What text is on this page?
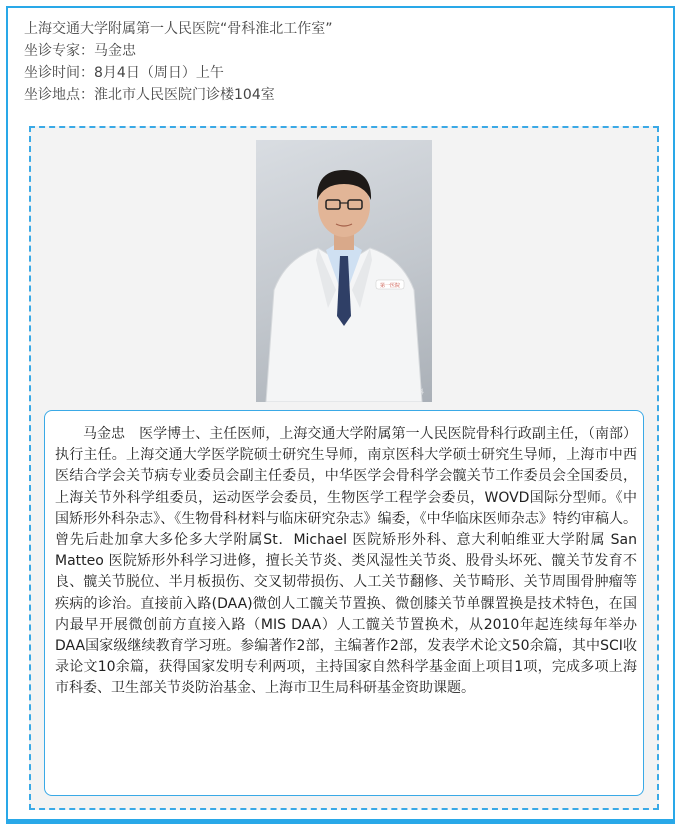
上海交通大学附属第一人民医院“骨科淮北工作室”
坐诊专家：马金忠
坐诊时间：8月4日（周日）上午
坐诊地点：淮北市人民医院门诊楼104室
第一医院
上海市第一人民医院骨科

马金忠　医学博士、主任医师，上海交通大学附属第一人民医院骨科行政副主任，（南部）执行主任。上海交通大学医学院硕士研究生导师，南京医科大学硕士研究生导师，上海市中西医结合学会关节病专业委员会副主任委员，中华医学会骨科学会髋关节工作委员会全国委员，上海关节外科学组委员，运动医学会委员，生物医学工程学会委员，WOVD国际分型师。《中国矫形外科杂志》、《生物骨科材料与临床研究杂志》编委，《中华临床医师杂志》特约审稿人。曾先后赴加拿大多伦多大学附属St．Michael 医院矫形外科、意大利帕维亚大学附属 San Matteo 医院矫形外科学习进修，擅长关节炎、类风湿性关节炎、股骨头坏死、髋关节发育不良、髋关节脱位、半月板损伤、交叉韧带损伤、人工关节翻修、关节畸形、关节周围骨肿瘤等疾病的诊治。直接前入路(DAA)微创人工髋关节置换、微创膝关节单髁置换是技术特色，在国内最早开展微创前方直接入路（MIS DAA）人工髋关节置换术，从2010年起连续每年举办DAA国家级继续教育学习班。参编著作2部，主编著作2部，发表学术论文50余篇，其中SCI收录论文10余篇，获得国家发明专利两项，主持国家自然科学基金面上项目1项，完成多项上海市科委、卫生部关节炎防治基金、上海市卫生局科研基金资助课题。
